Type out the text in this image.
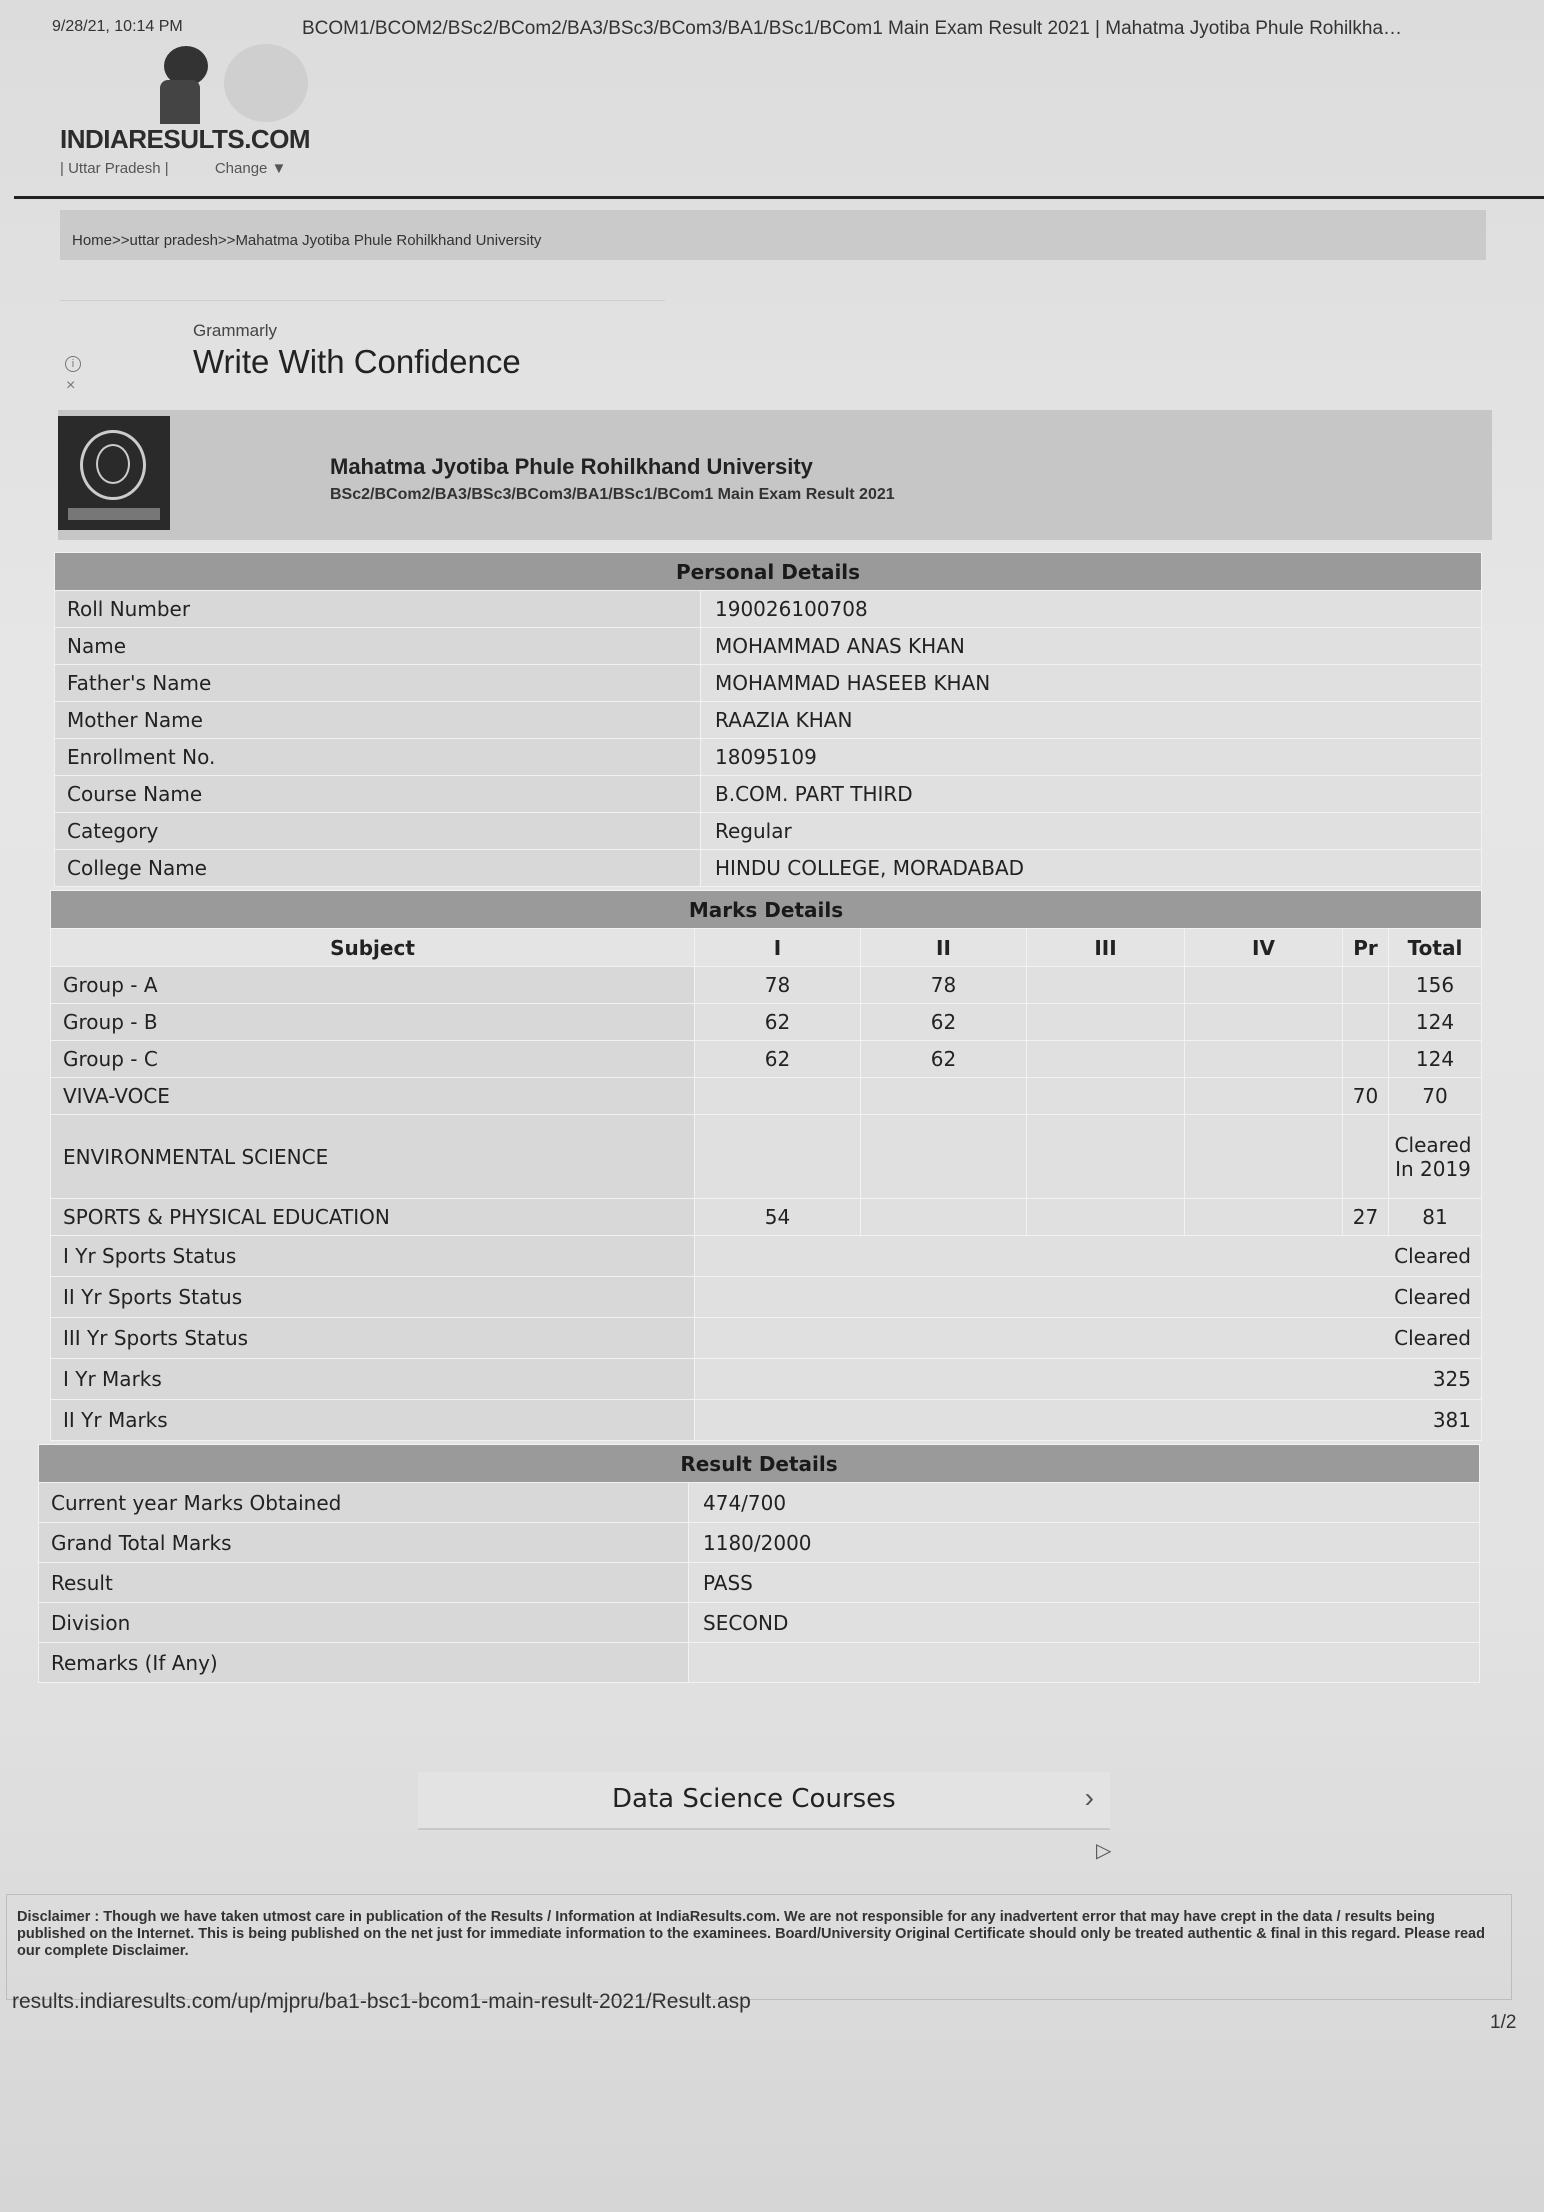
9/28/21, 10:14 PM	BCOM1/BCOM2/BSc2/BCom2/BA3/BSc3/BCom3/BA1/BSc1/BCom1 Main Exam Result 2021 | Mahatma Jyotiba Phule Rohilkha…
INDIARESULTS.COM
| Uttar Pradesh |	Change ▼
Home>>uttar pradesh>>Mahatma Jyotiba Phule Rohilkhand University
i
×
Grammarly
Write With Confidence
Mahatma Jyotiba Phule Rohilkhand University
BSc2/BCom2/BA3/BSc3/BCom3/BA1/BSc1/BCom1 Main Exam Result 2021
Personal Details	
Roll Number	190026100708
Name	MOHAMMAD ANAS KHAN
Father's Name	MOHAMMAD HASEEB KHAN
Mother Name	RAAZIA KHAN
Enrollment No.	18095109
Course Name	B.COM. PART THIRD
Category	Regular
College Name	HINDU COLLEGE, MORADABAD
Marks Details						
Subject	I	II	III	IV	Pr	Total
Group - A	78	78				156
Group - B	62	62				124
Group - C	62	62				124
VIVA-VOCE					70	70
ENVIRONMENTAL SCIENCE						Cleared In 2019
SPORTS & PHYSICAL EDUCATION	54				27	81
I Yr Sports Status	Cleared					
II Yr Sports Status	Cleared					
III Yr Sports Status	Cleared					
I Yr Marks	325					
II Yr Marks	381					
Result Details	
Current year Marks Obtained	474/700
Grand Total Marks	1180/2000
Result	PASS
Division	SECOND
Remarks (If Any)	
Data Science Courses	›
▷
Disclaimer : Though we have taken utmost care in publication of the Results / Information at IndiaResults.com. We are not responsible for any inadvertent error that may have crept in the data / results being published on the Internet. This is being published on the net just for immediate information to the examinees. Board/University Original Certificate should only be treated authentic & final in this regard. Please read our complete Disclaimer.
results.indiaresults.com/up/mjpru/ba1-bsc1-bcom1-main-result-2021/Result.asp
1/2
